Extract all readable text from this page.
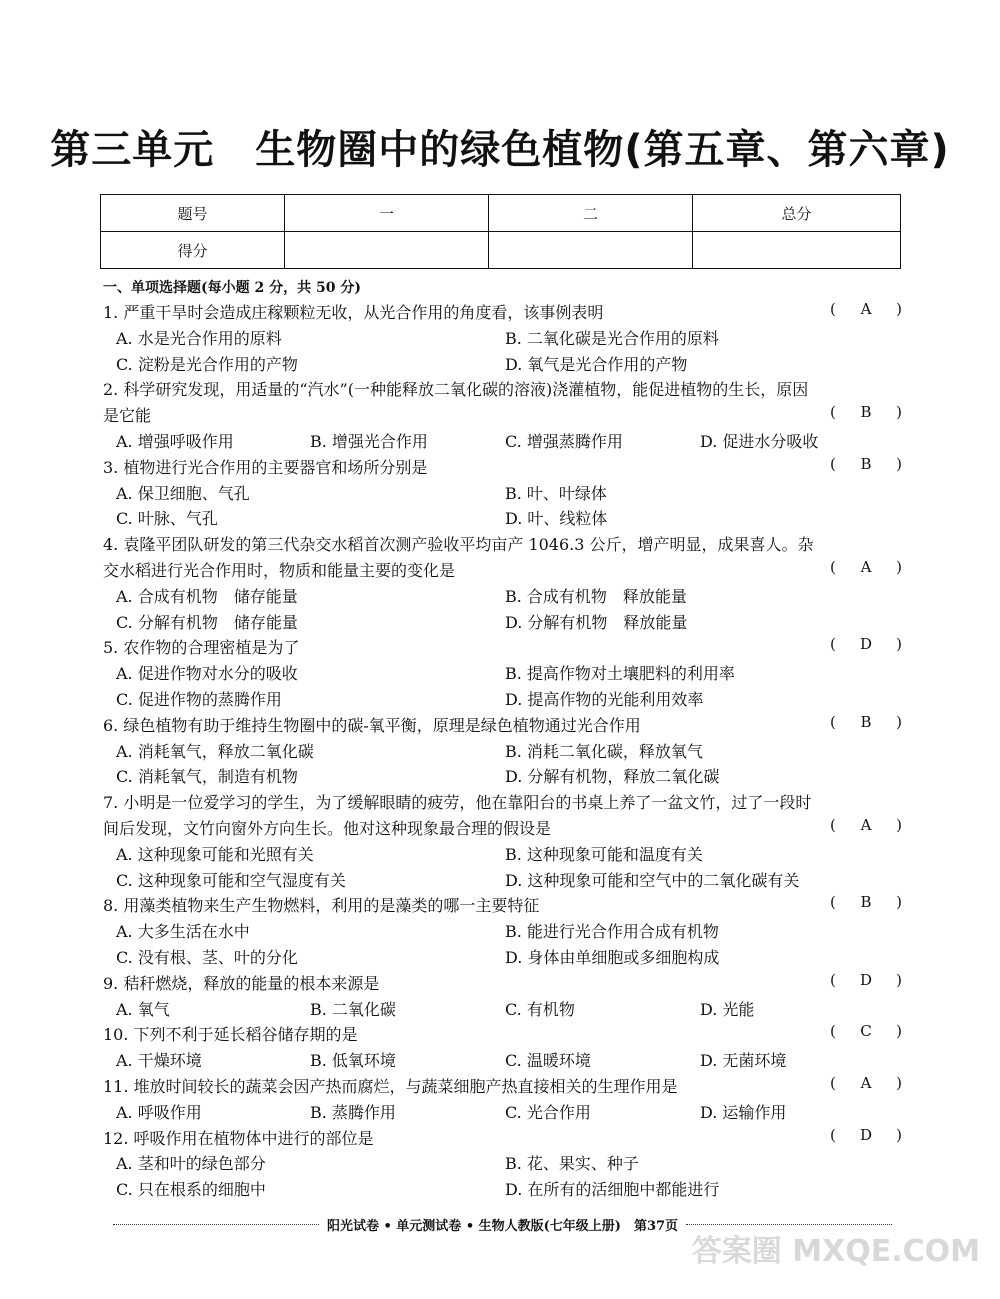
第三单元　生物圈中的绿色植物(第五章、第六章)
题号	一	二	总分
得分			
一、单项选择题(每小题 2 分，共 50 分)
1. 严重干旱时会造成庄稼颗粒无收，从光合作用的角度看，该事例表明	( A )
A. 水是光合作用的原料	B. 二氧化碳是光合作用的原料
C. 淀粉是光合作用的产物	D. 氧气是光合作用的产物
2. 科学研究发现，用适量的“汽水”(一种能释放二氧化碳的溶液)浇灌植物，能促进植物的生长，原因
是它能	( B )
A. 增强呼吸作用	B. 增强光合作用	C. 增强蒸腾作用	D. 促进水分吸收
3. 植物进行光合作用的主要器官和场所分别是	( B )
A. 保卫细胞、气孔	B. 叶、叶绿体
C. 叶脉、气孔	D. 叶、线粒体
4. 袁隆平团队研发的第三代杂交水稻首次测产验收平均亩产 1046.3 公斤，增产明显，成果喜人。杂
交水稻进行光合作用时，物质和能量主要的变化是	( A )
A. 合成有机物　储存能量	B. 合成有机物　释放能量
C. 分解有机物　储存能量	D. 分解有机物　释放能量
5. 农作物的合理密植是为了	( D )
A. 促进作物对水分的吸收	B. 提高作物对土壤肥料的利用率
C. 促进作物的蒸腾作用	D. 提高作物的光能利用效率
6. 绿色植物有助于维持生物圈中的碳-氧平衡，原理是绿色植物通过光合作用	( B )
A. 消耗氧气，释放二氧化碳	B. 消耗二氧化碳，释放氧气
C. 消耗氧气，制造有机物	D. 分解有机物，释放二氧化碳
7. 小明是一位爱学习的学生，为了缓解眼睛的疲劳，他在靠阳台的书桌上养了一盆文竹，过了一段时
间后发现，文竹向窗外方向生长。他对这种现象最合理的假设是	( A )
A. 这种现象可能和光照有关	B. 这种现象可能和温度有关
C. 这种现象可能和空气湿度有关	D. 这种现象可能和空气中的二氧化碳有关
8. 用藻类植物来生产生物燃料，利用的是藻类的哪一主要特征	( B )
A. 大多生活在水中	B. 能进行光合作用合成有机物
C. 没有根、茎、叶的分化	D. 身体由单细胞或多细胞构成
9. 秸秆燃烧，释放的能量的根本来源是	( D )
A. 氧气	B. 二氧化碳	C. 有机物	D. 光能
10. 下列不利于延长稻谷储存期的是	( C )
A. 干燥环境	B. 低氧环境	C. 温暖环境	D. 无菌环境
11. 堆放时间较长的蔬菜会因产热而腐烂，与蔬菜细胞产热直接相关的生理作用是	( A )
A. 呼吸作用	B. 蒸腾作用	C. 光合作用	D. 运输作用
12. 呼吸作用在植物体中进行的部位是	( D )
A. 茎和叶的绿色部分	B. 花、果实、种子
C. 只在根系的细胞中	D. 在所有的活细胞中都能进行
阳光试卷 • 单元测试卷 • 生物人教版(七年级上册)　第37页
答案圈 MXQE.COM
